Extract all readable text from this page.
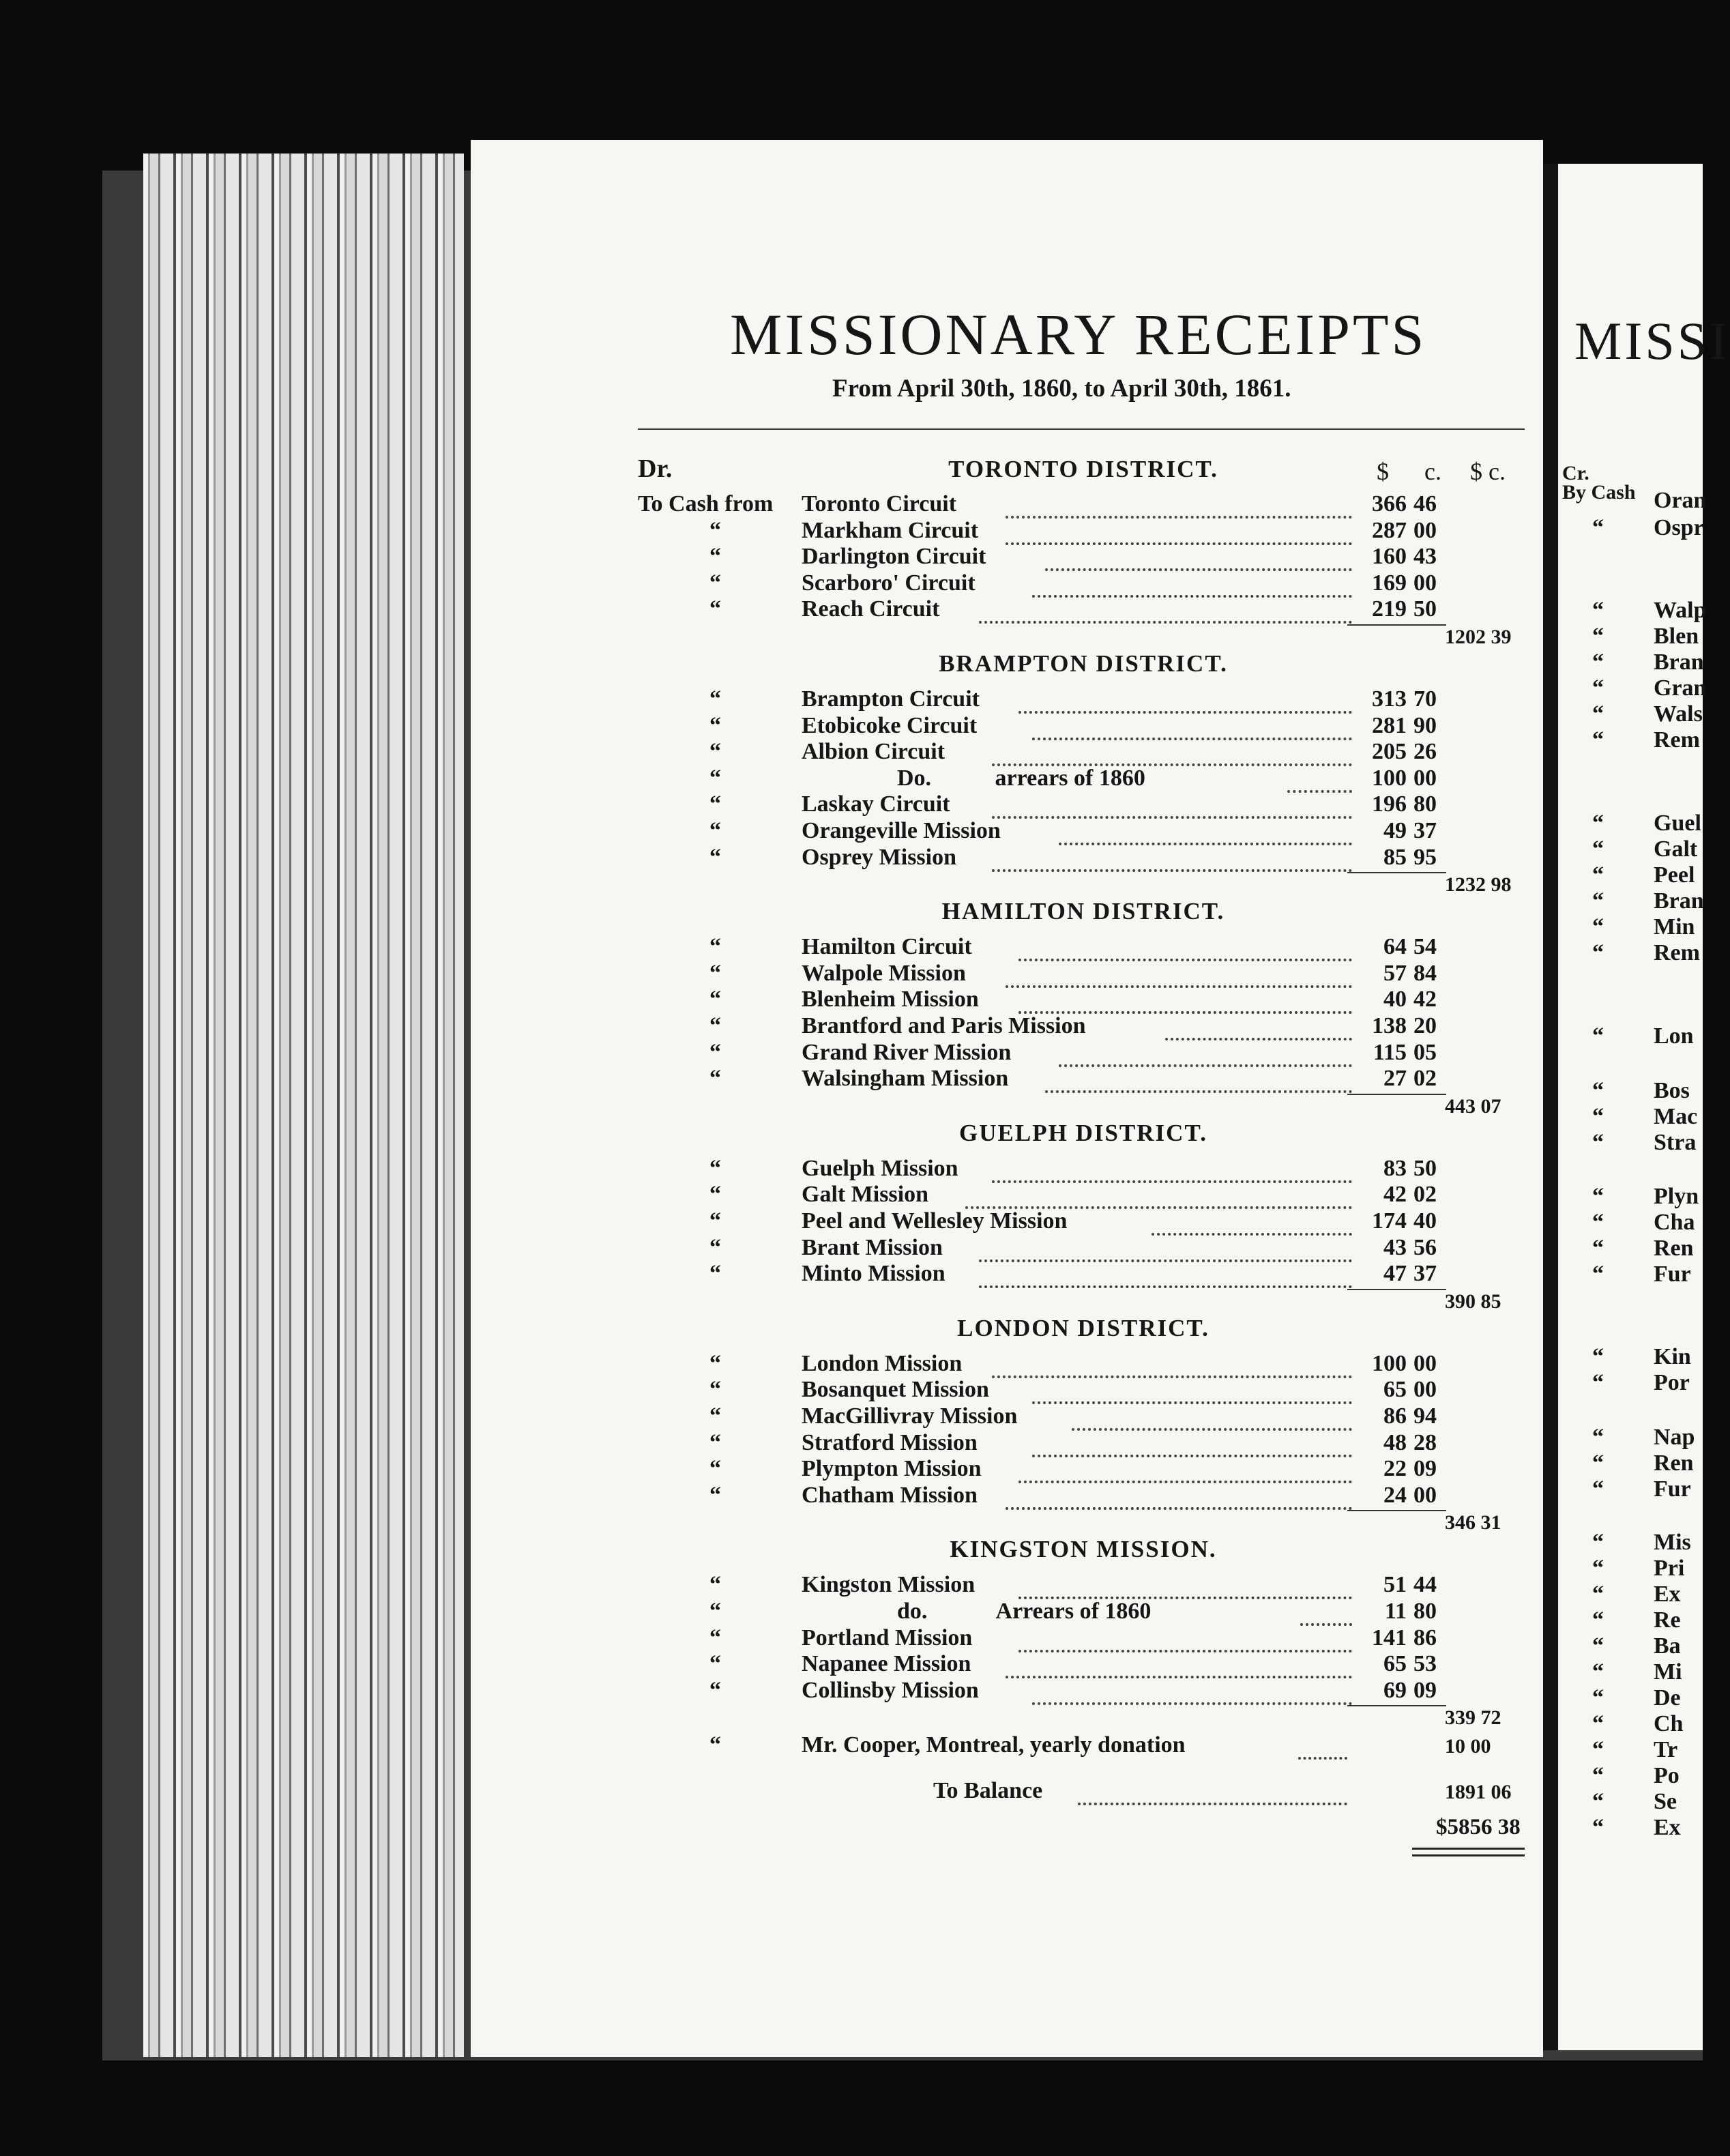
MISSIONARY RECEIPTS
From April 30th, 1860, to April 30th, 1861.
Dr.	$ c. $ c.
TORONTO DISTRICT.
To Cash from Toronto Circuit	366 46
“	Markham Circuit	287 00
“	Darlington Circuit	160 43
“	Scarboro' Circuit	169 00
“	Reach Circuit	219 50
1202 39
BRAMPTON DISTRICT.
“	Brampton Circuit	313 70
“	Etobicoke Circuit	281 90
“	Albion Circuit	205 26
“	Do.           arrears of 1860	100 00
“	Laskay Circuit	196 80
“	Orangeville Mission	49 37
“	Osprey Mission	85 95
1232 98
HAMILTON DISTRICT.
“	Hamilton Circuit	64 54
“	Walpole Mission	57 84
“	Blenheim Mission	40 42
“	Brantford and Paris Mission	138 20
“	Grand River Mission	115 05
“	Walsingham Mission	27 02
443 07
GUELPH DISTRICT.
“	Guelph Mission	83 50
“	Galt Mission	42 02
“	Peel and Wellesley Mission	174 40
“	Brant Mission	43 56
“	Minto Mission	47 37
390 85
LONDON DISTRICT.
“	London Mission	100 00
“	Bosanquet Mission	65 00
“	MacGillivray Mission	86 94
“	Stratford Mission	48 28
“	Plympton Mission	22 09
“	Chatham Mission	24 00
346 31
KINGSTON MISSION.
“	Kingston Mission	51 44
“	do.            Arrears of 1860	11 80
“	Portland Mission	141 86
“	Napanee Mission	65 53
“	Collinsby Mission	69 09
339 72
“	Mr. Cooper, Montreal, yearly donation	10 00
To Balance	1891 06
$5856 38
MISSI
Cr.
By Cash Oran
“ Ospr
“ Walp
“ Blen
“ Bran
“ Gran
“ Wals
“ Rem
“ Guel
“ Galt
“ Peel
“ Bran
“ Min
“ Rem
“ Lon
“ Bos
“ Mac
“ Stra
“ Plyn
“ Cha
“ Ren
“ Fur
“ Kin
“ Por
“ Nap
“ Ren
“ Fur
“ Mis
“ Pri
“ Ex
“ Re
“ Ba
“ Mi
“ De
“ Ch
“ Tr
“ Po
“ Se
“ Ex
